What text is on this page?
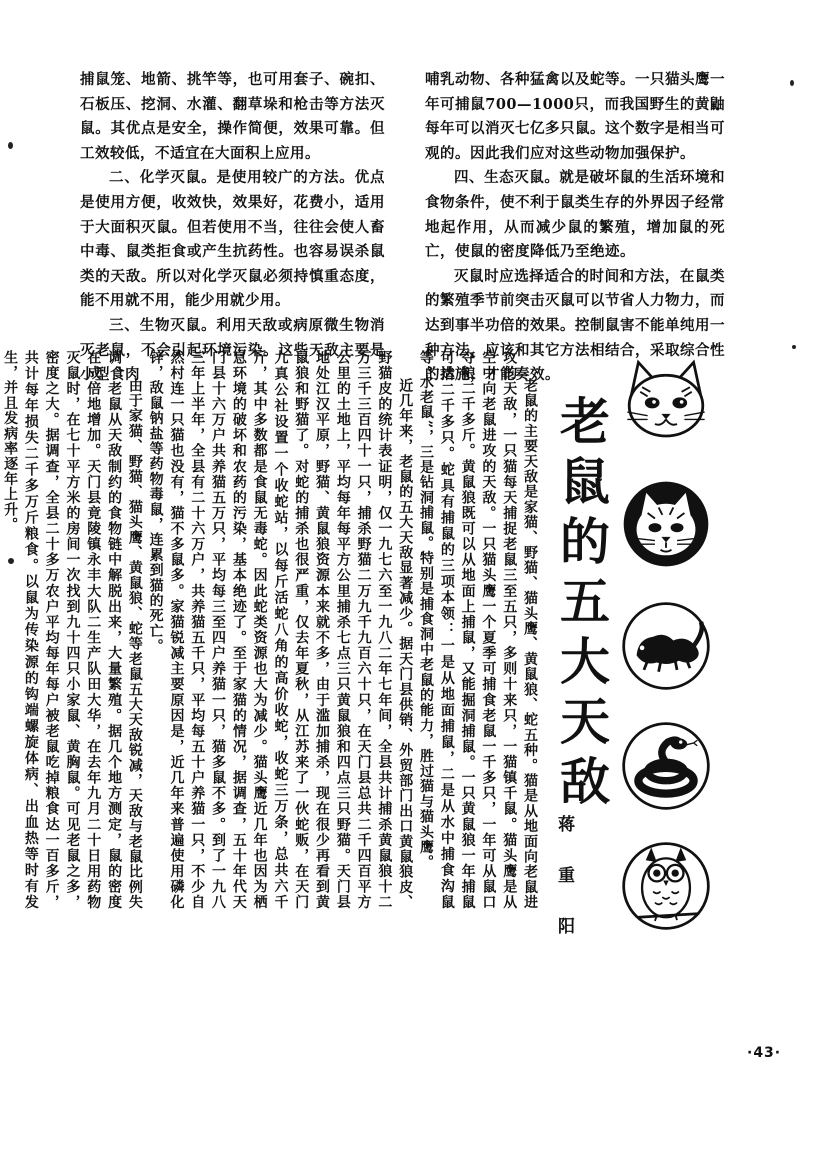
捕鼠笼、地箭、挑竿等，也可用套子、碗扣、石板压、挖洞、水灌、翻草垛和枪击等方法灭鼠。其优点是安全，操作简便，效果可靠。但工效较低，不适宜在大面积上应用。

二、化学灭鼠。是使用较广的方法。优点是使用方便，收效快，效果好，花费小，适用于大面积灭鼠。但若使用不当，往往会使人畜中毒、鼠类拒食或产生抗药性。也容易误杀鼠类的天敌。所以对化学灭鼠必须持慎重态度，能不用就不用，能少用就少用。

三、生物灭鼠。利用天敌或病原微生物消灭老鼠，不会引起环境污染。这些天敌主要是小型食肉

哺乳动物、各种猛禽以及蛇等。一只猫头鹰一年可捕鼠700—1000只，而我国野生的黄鼬每年可以消灭七亿多只鼠。这个数字是相当可观的。因此我们应对这些动物加强保护。

四、生态灭鼠。就是破坏鼠的生活环境和食物条件，使不利于鼠类生存的外界因子经常地起作用，从而减少鼠的繁殖，增加鼠的死亡，使鼠的密度降低乃至绝迹。

灭鼠时应选择适合的时间和方法，在鼠类的繁殖季节前突击灭鼠可以节省人力物力，而达到事半功倍的效果。控制鼠害不能单纯用一种方法，应该和其它方法相结合，采取综合性的措施，才能奏效。

老鼠的主要天敌是家猫、野猫、猫头鹰、黄鼠狼、蛇五种。猫是从地面向老鼠进攻的天敌，一只猫每天捕捉老鼠三至五只，多则十来只，一猫镇千鼠。猫头鹰是从空中向老鼠进攻的天敌。一只猫头鹰一个夏季可捕食老鼠一千多只，一年可从鼠口夺粮二千多斤。黄鼠狼既可以从地面上捕鼠，又能掘洞捕鼠。一只黄鼠狼一年捕鼠可达二千多只。蛇具有捕鼠的三项本领：一是从地面捕鼠，二是从水中捕食沟鼠等“水老鼠”，三是钻洞捕鼠。特别是捕食洞中老鼠的能力，胜过猫与猫头鹰。

近几年来，老鼠的五大天敌显著减少。据天门县供销、外贸部门出口黄鼠狼皮、野猫皮的统计表证明，仅一九七六至一九八二年七年间，全县共计捕杀黄鼠狼十二万三千三百四十一只，捕杀野猫二万九千九百六十只，在天门县总共二千四百平方公里的土地上，平均每年每平方公里捕杀七点三只黄鼠狼和四点三只野猫。天门县地处江汉平原，野猫、黄鼠狼资源本来就不多，由于滥加捕杀，现在很少再看到黄鼠狼和野猫了。对蛇的捕杀也很严重，仅去年夏秋，从江苏来了一伙蛇贩，在天门九真公社设置一个收蛇站，以每斤活蛇八角的高价收蛇，收蛇三万条，总共六千斤，其中多数都是食鼠无毒蛇。因此蛇类资源也大为减少。猫头鹰近几年也因为栖息环境的破坏和农药的污染，基本绝迹了。至于家猫的情况，据调查，五十年代天门县十六万户共养猫五万只，平均每三至四户养猫一只，猫多鼠不多。到了一九八三年上半年，全县有二十六万户，共养猫五千只，平均每五十户养猫一只，不少自然村连一只猫也没有，猫不多鼠多。家猫锐减主要原因是，近几年来普遍使用磷化锌，敌鼠钠盐等药物毒鼠，连累到猫的死亡。

由于家猫、野猫、猫头鹰、黄鼠狼、蛇等老鼠五大天敌锐减，天敌与老鼠比例失调，老鼠从天敌制约的食物链中解脱出来，大量繁殖。据几个地方测定，鼠的密度在成倍地增加。天门县竟陵镇永丰大队二生产队田大华，在去年九月二十日用药物灭鼠时，在七十平方米的房间一次找到九十四只小家鼠、黄胸鼠。可见老鼠之多，密度之大。据调查，全县二十多万农户平均每年每户被老鼠吃掉粮食达一百多斤，共计每年损失二千多万斤粮食。以鼠为传染源的钩端螺旋体病、出血热等时有发生，并且发病率逐年上升。	老鼠的五大天敌
蒋 重 阳
·43·
